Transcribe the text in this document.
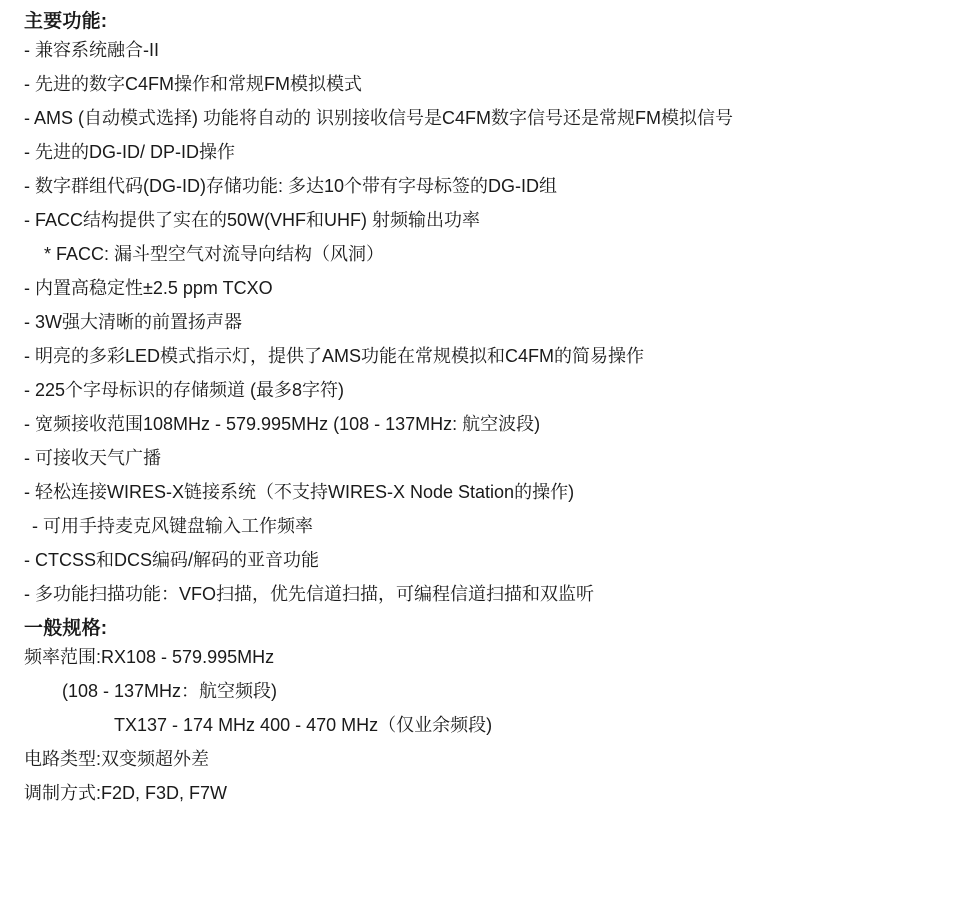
主要功能:
- 兼容系统融合-II
- 先进的数字C4FM操作和常规FM模拟模式
- AMS (自动模式选择) 功能将自动的 识别接收信号是C4FM数字信号还是常规FM模拟信号
- 先进的DG-ID/ DP-ID操作
- 数字群组代码(DG-ID)存储功能: 多达10个带有字母标签的DG-ID组
- FACC结构提供了实在的50W(VHF和UHF) 射频输出功率
* FACC: 漏斗型空气对流导向结构（风洞）
- 内置高稳定性±2.5 ppm TCXO
- 3W强大清晰的前置扬声器
- 明亮的多彩LED模式指示灯，提供了AMS功能在常规模拟和C4FM的简易操作
- 225个字母标识的存储频道 (最多8字符)
- 宽频接收范围108MHz - 579.995MHz (108 - 137MHz: 航空波段)
- 可接收天气广播
- 轻松连接WIRES-X链接系统（不支持WIRES-X Node Station的操作)
- 可用手持麦克风键盘输入工作频率
- CTCSS和DCS编码/解码的亚音功能
- 多功能扫描功能：VFO扫描，优先信道扫描，可编程信道扫描和双监听
一般规格:
频率范围:RX108 - 579.995MHz
(108 - 137MHz：航空频段)
TX137 - 174 MHz 400 - 470 MHz（仅业余频段)
电路类型:双变频超外差
调制方式:F2D, F3D, F7W
